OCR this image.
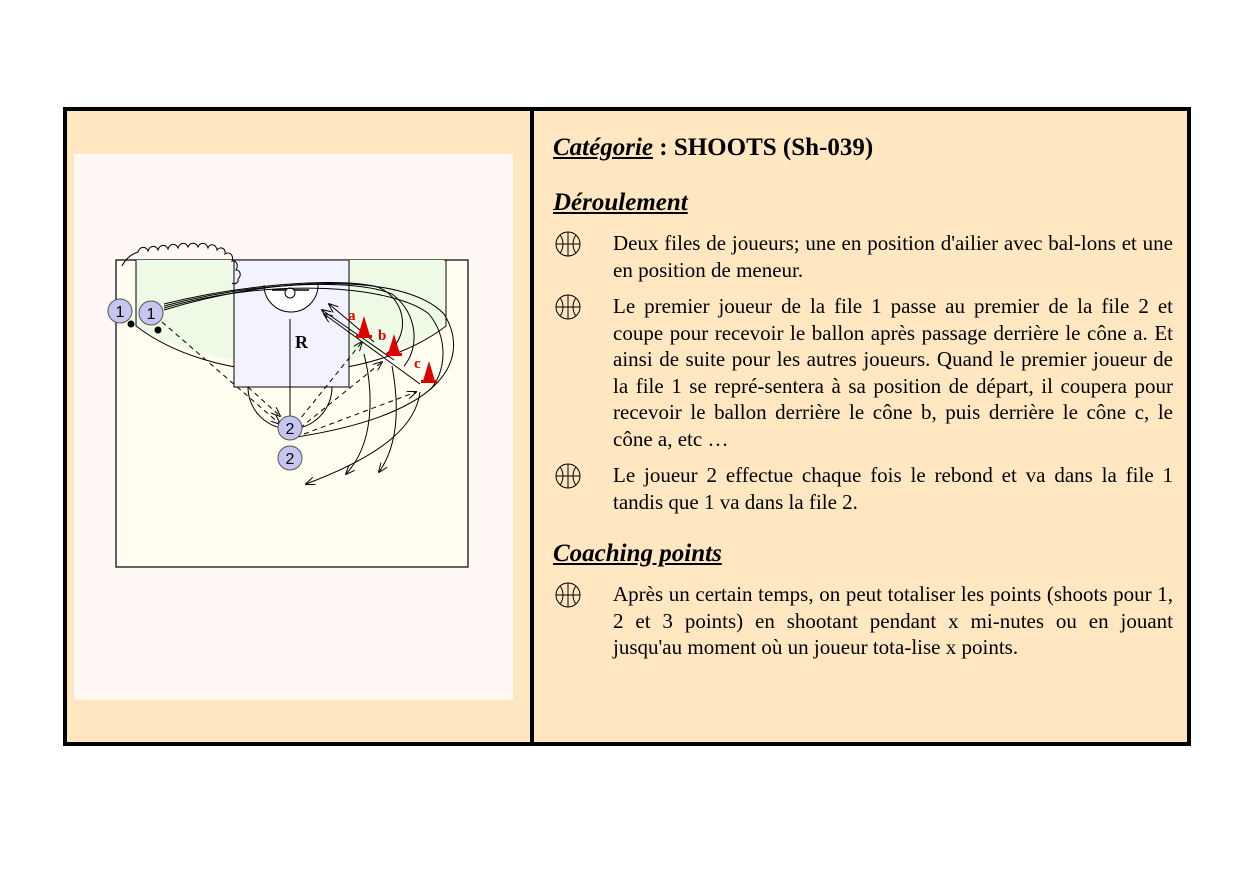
1 1
2
2
R
a
b
c

Catégorie : SHOOTS (Sh-039)

Déroulement

Deux files de joueurs; une en position d'ailier avec bal-lons et une en position de meneur.
Le premier joueur de la file 1 passe au premier de la file 2 et coupe pour recevoir le ballon après passage derrière le cône a. Et ainsi de suite pour les autres joueurs. Quand le premier joueur de la file 1 se repré-sentera à sa position de départ, il coupera pour recevoir le ballon derrière le cône b, puis derrière le cône c, le cône a, etc …
Le joueur 2 effectue chaque fois le rebond et va dans la file 1 tandis que 1 va dans la file 2.

Coaching points

Après un certain temps, on peut totaliser les points (shoots pour 1, 2 et 3 points) en shootant pendant x mi-nutes ou en jouant jusqu'au moment où un joueur tota-lise x points.
